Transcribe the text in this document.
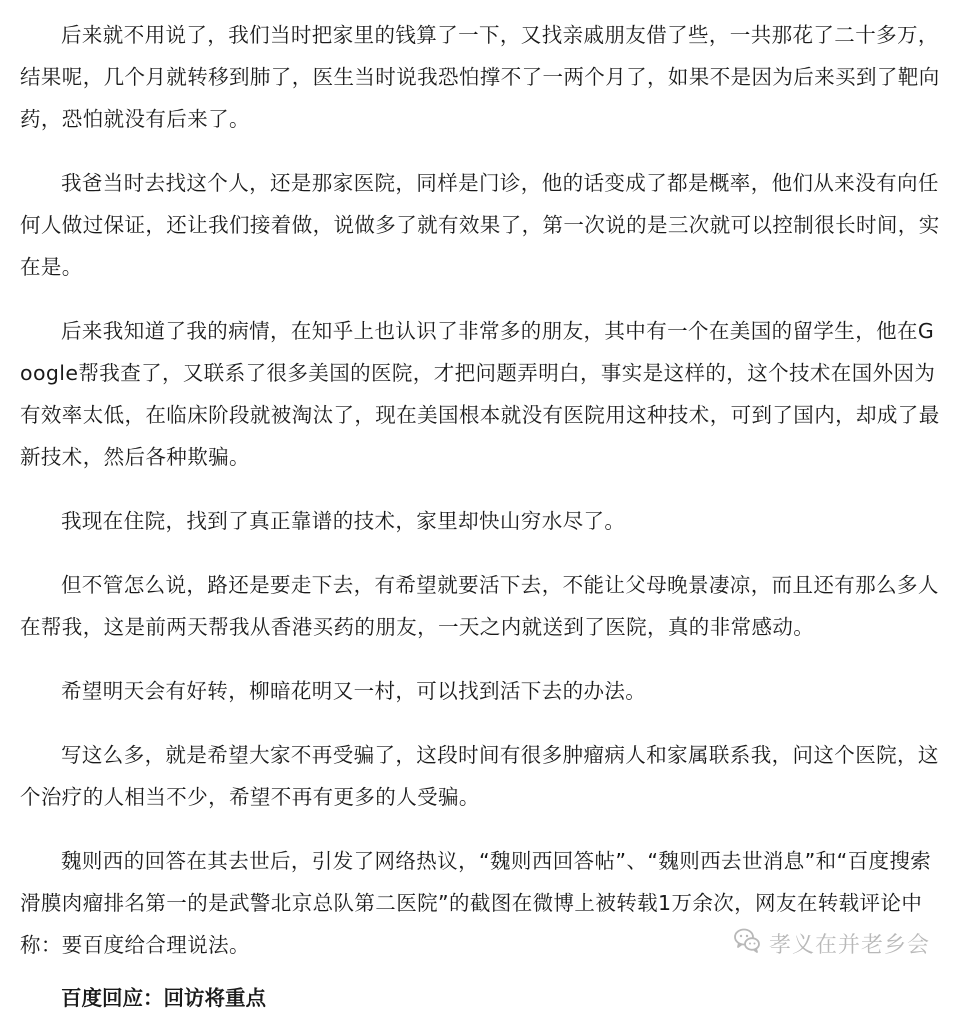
后来就不用说了，我们当时把家里的钱算了一下，又找亲戚朋友借了些，一共那花了二十多万，结果呢，几个月就转移到肺了，医生当时说我恐怕撑不了一两个月了，如果不是因为后来买到了靶向药，恐怕就没有后来了。

我爸当时去找这个人，还是那家医院，同样是门诊，他的话变成了都是概率，他们从来没有向任何人做过保证，还让我们接着做，说做多了就有效果了，第一次说的是三次就可以控制很长时间，实在是。

后来我知道了我的病情，在知乎上也认识了非常多的朋友，其中有一个在美国的留学生，他在Google帮我查了，又联系了很多美国的医院，才把问题弄明白，事实是这样的，这个技术在国外因为有效率太低，在临床阶段就被淘汰了，现在美国根本就没有医院用这种技术，可到了国内，却成了最新技术，然后各种欺骗。

我现在住院，找到了真正靠谱的技术，家里却快山穷水尽了。

但不管怎么说，路还是要走下去，有希望就要活下去，不能让父母晚景凄凉，而且还有那么多人在帮我，这是前两天帮我从香港买药的朋友，一天之内就送到了医院，真的非常感动。

希望明天会有好转，柳暗花明又一村，可以找到活下去的办法。

写这么多，就是希望大家不再受骗了，这段时间有很多肿瘤病人和家属联系我，问这个医院，这个治疗的人相当不少，希望不再有更多的人受骗。

魏则西的回答在其去世后，引发了网络热议，“魏则西回答帖”、“魏则西去世消息”和“百度搜索滑膜肉瘤排名第一的是武警北京总队第二医院”的截图在微博上被转载1万余次，网友在转载评论中称：要百度给合理说法。

百度回应：回访将重点

孝义在并老乡会
